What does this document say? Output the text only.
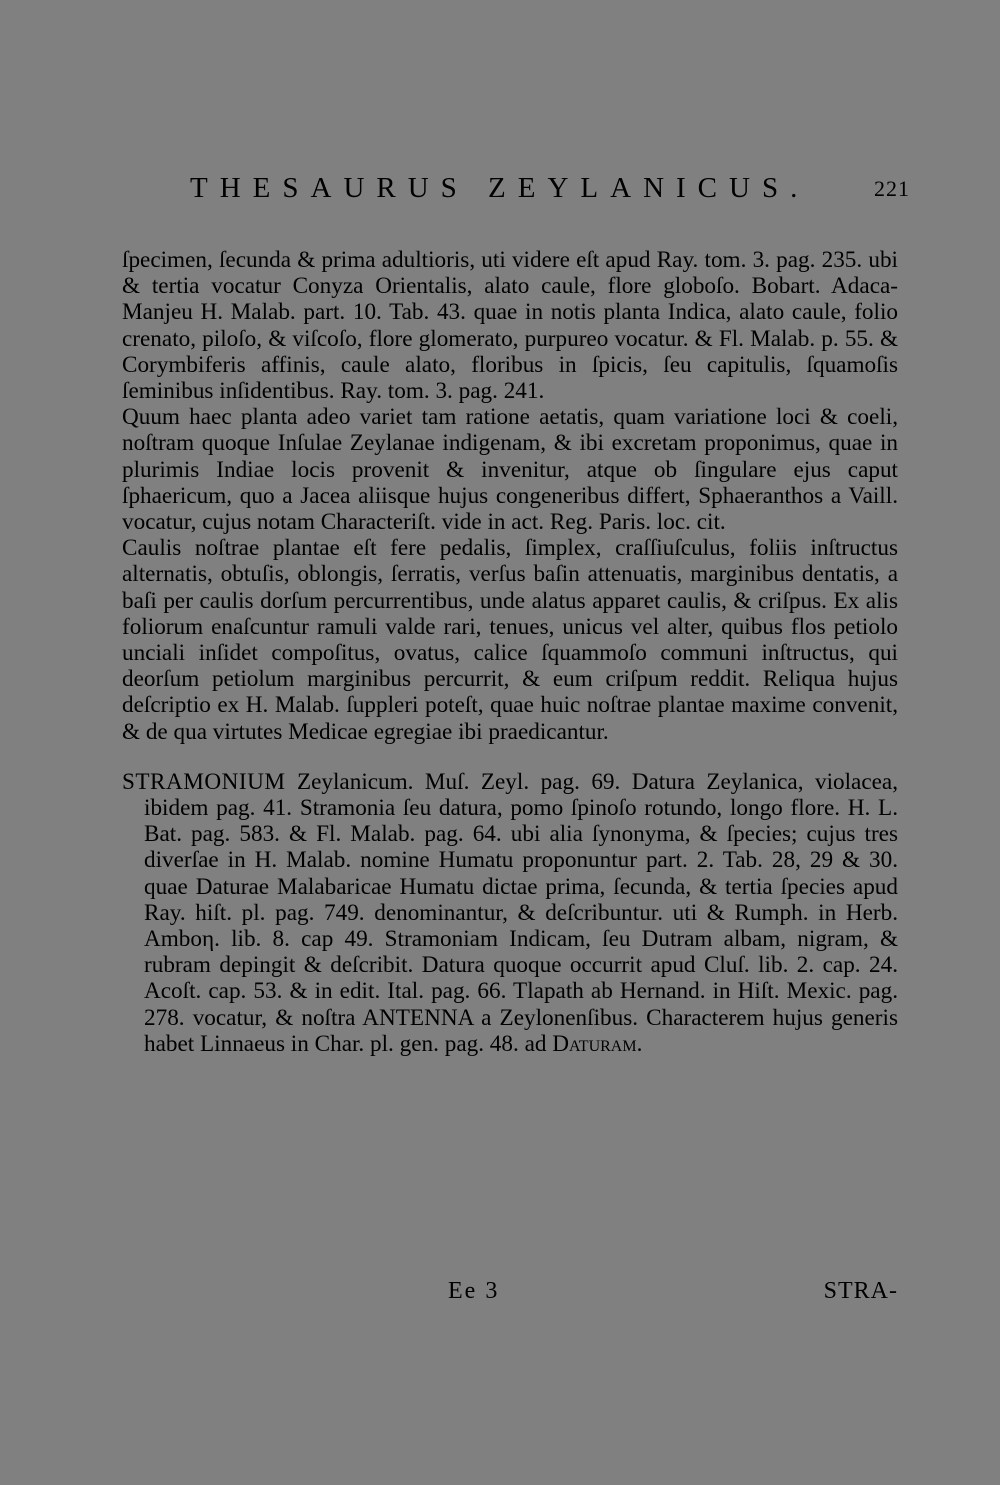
THESAURUS ZEYLANICUS.	221

ſpecimen, ſecunda & prima adultioris, uti videre eſt apud Ray. tom. 3. pag. 235. ubi & tertia vocatur Conyza Orientalis, alato caule, flore globoſo. Bobart. Adaca-Manjeu H. Malab. part. 10. Tab. 43. quae in notis planta Indica, alato caule, folio crenato, piloſo, & viſcoſo, flore glomerato, purpureo vocatur. & Fl. Malab. p. 55. & Corymbiferis affinis, caule alato, floribus in ſpicis, ſeu capitulis, ſquamoſis ſeminibus inſidentibus. Ray. tom. 3. pag. 241.

Quum haec planta adeo variet tam ratione aetatis, quam variatione loci & coeli, noſtram quoque Inſulae Zeylanae indigenam, & ibi excretam proponimus, quae in plurimis Indiae locis provenit & invenitur, atque ob ſingulare ejus caput ſphaericum, quo a Jacea aliisque hujus congeneribus differt, Sphaeranthos a Vaill. vocatur, cujus notam Characteriſt. vide in act. Reg. Paris. loc. cit.

Caulis noſtrae plantae eſt fere pedalis, ſimplex, craſſiuſculus, foliis inſtructus alternatis, obtuſis, oblongis, ſerratis, verſus baſin attenuatis, marginibus dentatis, a baſi per caulis dorſum percurrentibus, unde alatus apparet caulis, & criſpus. Ex alis foliorum enaſcuntur ramuli valde rari, tenues, unicus vel alter, quibus flos petiolo unciali inſidet compoſitus, ovatus, calice ſquammoſo communi inſtructus, qui deorſum petiolum marginibus percurrit, & eum criſpum reddit. Reliqua hujus deſcriptio ex H. Malab. ſuppleri poteſt, quae huic noſtrae plantae maxime convenit, & de qua virtutes Medicae egregiae ibi praedicantur.

STRAMONIUM Zeylanicum. Muſ. Zeyl. pag. 69. Datura Zeylanica, violacea, ibidem pag. 41. Stramonia ſeu datura, pomo ſpinoſo rotundo, longo flore. H. L. Bat. pag. 583. & Fl. Malab. pag. 64. ubi alia ſynonyma, & ſpecies; cujus tres diverſae in H. Malab. nomine Humatu proponuntur part. 2. Tab. 28, 29 & 30. quae Daturae Malabaricae Humatu dictae prima, ſecunda, & tertia ſpecies apud Ray. hiſt. pl. pag. 749. denominantur, & deſcribuntur. uti & Rumph. in Herb. Amboη. lib. 8. cap 49. Stramoniam Indicam, ſeu Dutram albam, nigram, & rubram depingit & deſcribit. Datura quoque occurrit apud Cluſ. lib. 2. cap. 24. Acoſt. cap. 53. & in edit. Ital. pag. 66. Tlapath ab Hernand. in Hiſt. Mexic. pag. 278. vocatur, & noſtra ANTENNA a Zeylonenſibus. Characterem hujus generis habet Linnaeus in Char. pl. gen. pag. 48. ad Daturam.

Ee 3	STRA-
